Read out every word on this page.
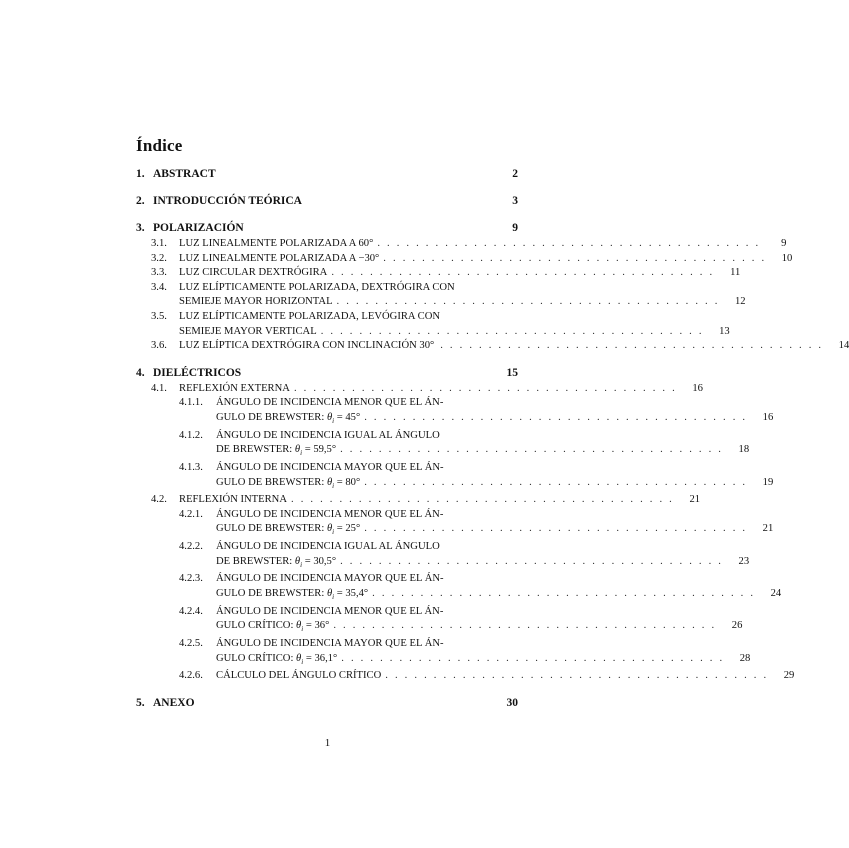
Índice
1. ABSTRACT	2
2. INTRODUCCIÓN TEÓRICA	3
3. POLARIZACIÓN	9
3.1. LUZ LINEALMENTE POLARIZADA A 60° . . . . . . . . . . . . . . . . . . . . . . . . . . . . . . . . . . . . . . . .	9
3.2. LUZ LINEALMENTE POLARIZADA A −30° . . . . . . . . . . . . . . . . . . . . . . . . . . . . . . . . . . . . . . . .	10
3.3. LUZ CIRCULAR DEXTRÓGIRA . . . . . . . . . . . . . . . . . . . . . . . . . . . . . . . . . . . . . . . .	11
3.4. LUZ ELÍPTICAMENTE POLARIZADA, DEXTRÓGIRA CON
SEMIEJE MAYOR HORIZONTAL . . . . . . . . . . . . . . . . . . . . . . . . . . . . . . . . . . . . . . . .	12
3.5. LUZ ELÍPTICAMENTE POLARIZADA, LEVÓGIRA CON
SEMIEJE MAYOR VERTICAL . . . . . . . . . . . . . . . . . . . . . . . . . . . . . . . . . . . . . . . .	13
3.6. LUZ ELÍPTICA DEXTRÓGIRA CON INCLINACIÓN 30° . . . . . . . . . . . . . . . . . . . . . . . . . . . . . . . . . . . . . . . .	14
4. DIELÉCTRICOS	15
4.1. REFLEXIÓN EXTERNA . . . . . . . . . . . . . . . . . . . . . . . . . . . . . . . . . . . . . . . .	16
4.1.1. ÁNGULO DE INCIDENCIA MENOR QUE EL ÁN-
GULO DE BREWSTER: $\theta_i = 45^\circ$ . . . . . . . . . . . . . . . . . . . . . . . . . . . . . . . . . . . . . . . .	16
4.1.2. ÁNGULO DE INCIDENCIA IGUAL AL ÁNGULO
DE BREWSTER: $\theta_i = 59,5^\circ$ . . . . . . . . . . . . . . . . . . . . . . . . . . . . . . . . . . . . . . . .	18
4.1.3. ÁNGULO DE INCIDENCIA MAYOR QUE EL ÁN-
GULO DE BREWSTER: $\theta_i = 80^\circ$ . . . . . . . . . . . . . . . . . . . . . . . . . . . . . . . . . . . . . . . .	19
4.2. REFLEXIÓN INTERNA . . . . . . . . . . . . . . . . . . . . . . . . . . . . . . . . . . . . . . . .	21
4.2.1. ÁNGULO DE INCIDENCIA MENOR QUE EL ÁN-
GULO DE BREWSTER: $\theta_i = 25^\circ$ . . . . . . . . . . . . . . . . . . . . . . . . . . . . . . . . . . . . . . . .	21
4.2.2. ÁNGULO DE INCIDENCIA IGUAL AL ÁNGULO
DE BREWSTER: $\theta_i = 30,5^\circ$ . . . . . . . . . . . . . . . . . . . . . . . . . . . . . . . . . . . . . . . .	23
4.2.3. ÁNGULO DE INCIDENCIA MAYOR QUE EL ÁN-
GULO DE BREWSTER: $\theta_i = 35,4^\circ$ . . . . . . . . . . . . . . . . . . . . . . . . . . . . . . . . . . . . . . . .	24
4.2.4. ÁNGULO DE INCIDENCIA MENOR QUE EL ÁN-
GULO CRÍTICO: $\theta_i = 36^\circ$ . . . . . . . . . . . . . . . . . . . . . . . . . . . . . . . . . . . . . . . .	26
4.2.5. ÁNGULO DE INCIDENCIA MAYOR QUE EL ÁN-
GULO CRÍTICO: $\theta_i = 36,1^\circ$ . . . . . . . . . . . . . . . . . . . . . . . . . . . . . . . . . . . . . . . .	28
4.2.6. CÁLCULO DEL ÁNGULO CRÍTICO . . . . . . . . . . . . . . . . . . . . . . . . . . . . . . . . . . . . . . . .	29
5. ANEXO	30
1
